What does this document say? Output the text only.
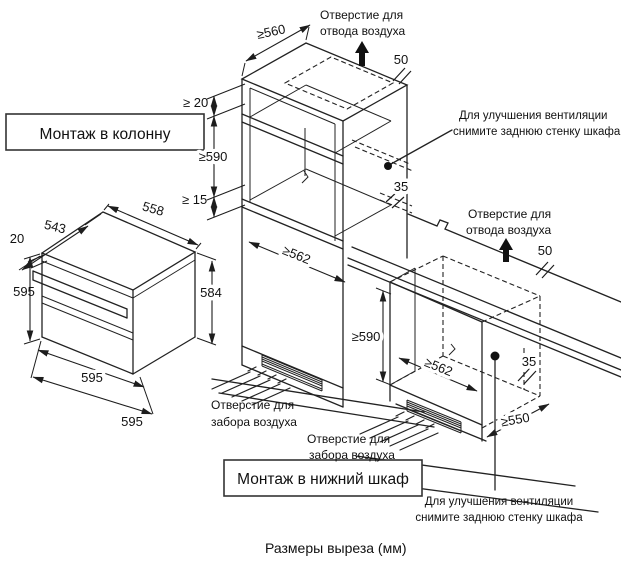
Монтаж в колонну
Монтаж в нижний шкаф
Отверстие для
отвода воздуха
Для улучшения вентиляции
снимите заднюю стенку шкафа
Отверстие для
отвода воздуха
Отверстие для
забора воздуха
Отверстие для
забора воздуха
Для улучшения вентиляции
снимите заднюю стенку шкафа
≥560
50
≥ 20
≥590
≥ 15
35
≥562
543
558
20
595	584
595
595
50
≥590
≥562	35
≥550
Размеры выреза (мм)
